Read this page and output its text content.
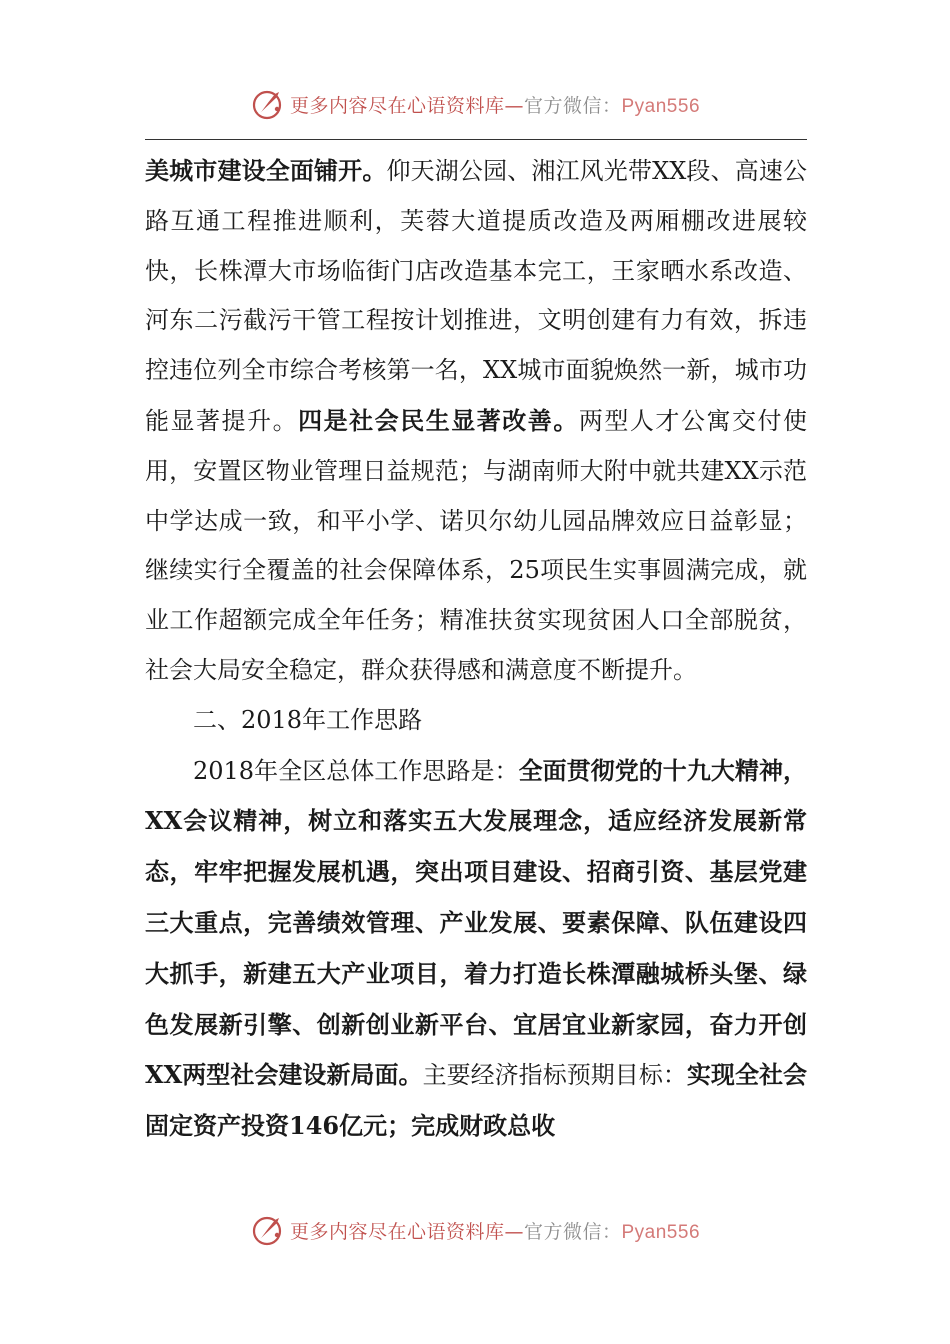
更多内容尽在心语资料库—官方微信：Pyan556

美城市建设全面铺开。仰天湖公园、湘江风光带XX段、高速公路互通工程推进顺利，芙蓉大道提质改造及两厢棚改进展较快，长株潭大市场临街门店改造基本完工，王家晒水系改造、河东二污截污干管工程按计划推进，文明创建有力有效，拆违控违位列全市综合考核第一名，XX城市面貌焕然一新，城市功能显著提升。四是社会民生显著改善。两型人才公寓交付使用，安置区物业管理日益规范；与湖南师大附中就共建XX示范中学达成一致，和平小学、诺贝尔幼儿园品牌效应日益彰显；继续实行全覆盖的社会保障体系，25项民生实事圆满完成，就业工作超额完成全年任务；精准扶贫实现贫困人口全部脱贫，社会大局安全稳定，群众获得感和满意度不断提升。

二、2018年工作思路

2018年全区总体工作思路是：全面贯彻党的十九大精神，XX会议精神，树立和落实五大发展理念，适应经济发展新常态，牢牢把握发展机遇，突出项目建设、招商引资、基层党建三大重点，完善绩效管理、产业发展、要素保障、队伍建设四大抓手，新建五大产业项目，着力打造长株潭融城桥头堡、绿色发展新引擎、创新创业新平台、宜居宜业新家园，奋力开创XX两型社会建设新局面。主要经济指标预期目标：实现全社会固定资产投资146亿元；完成财政总收

更多内容尽在心语资料库—官方微信：Pyan556
